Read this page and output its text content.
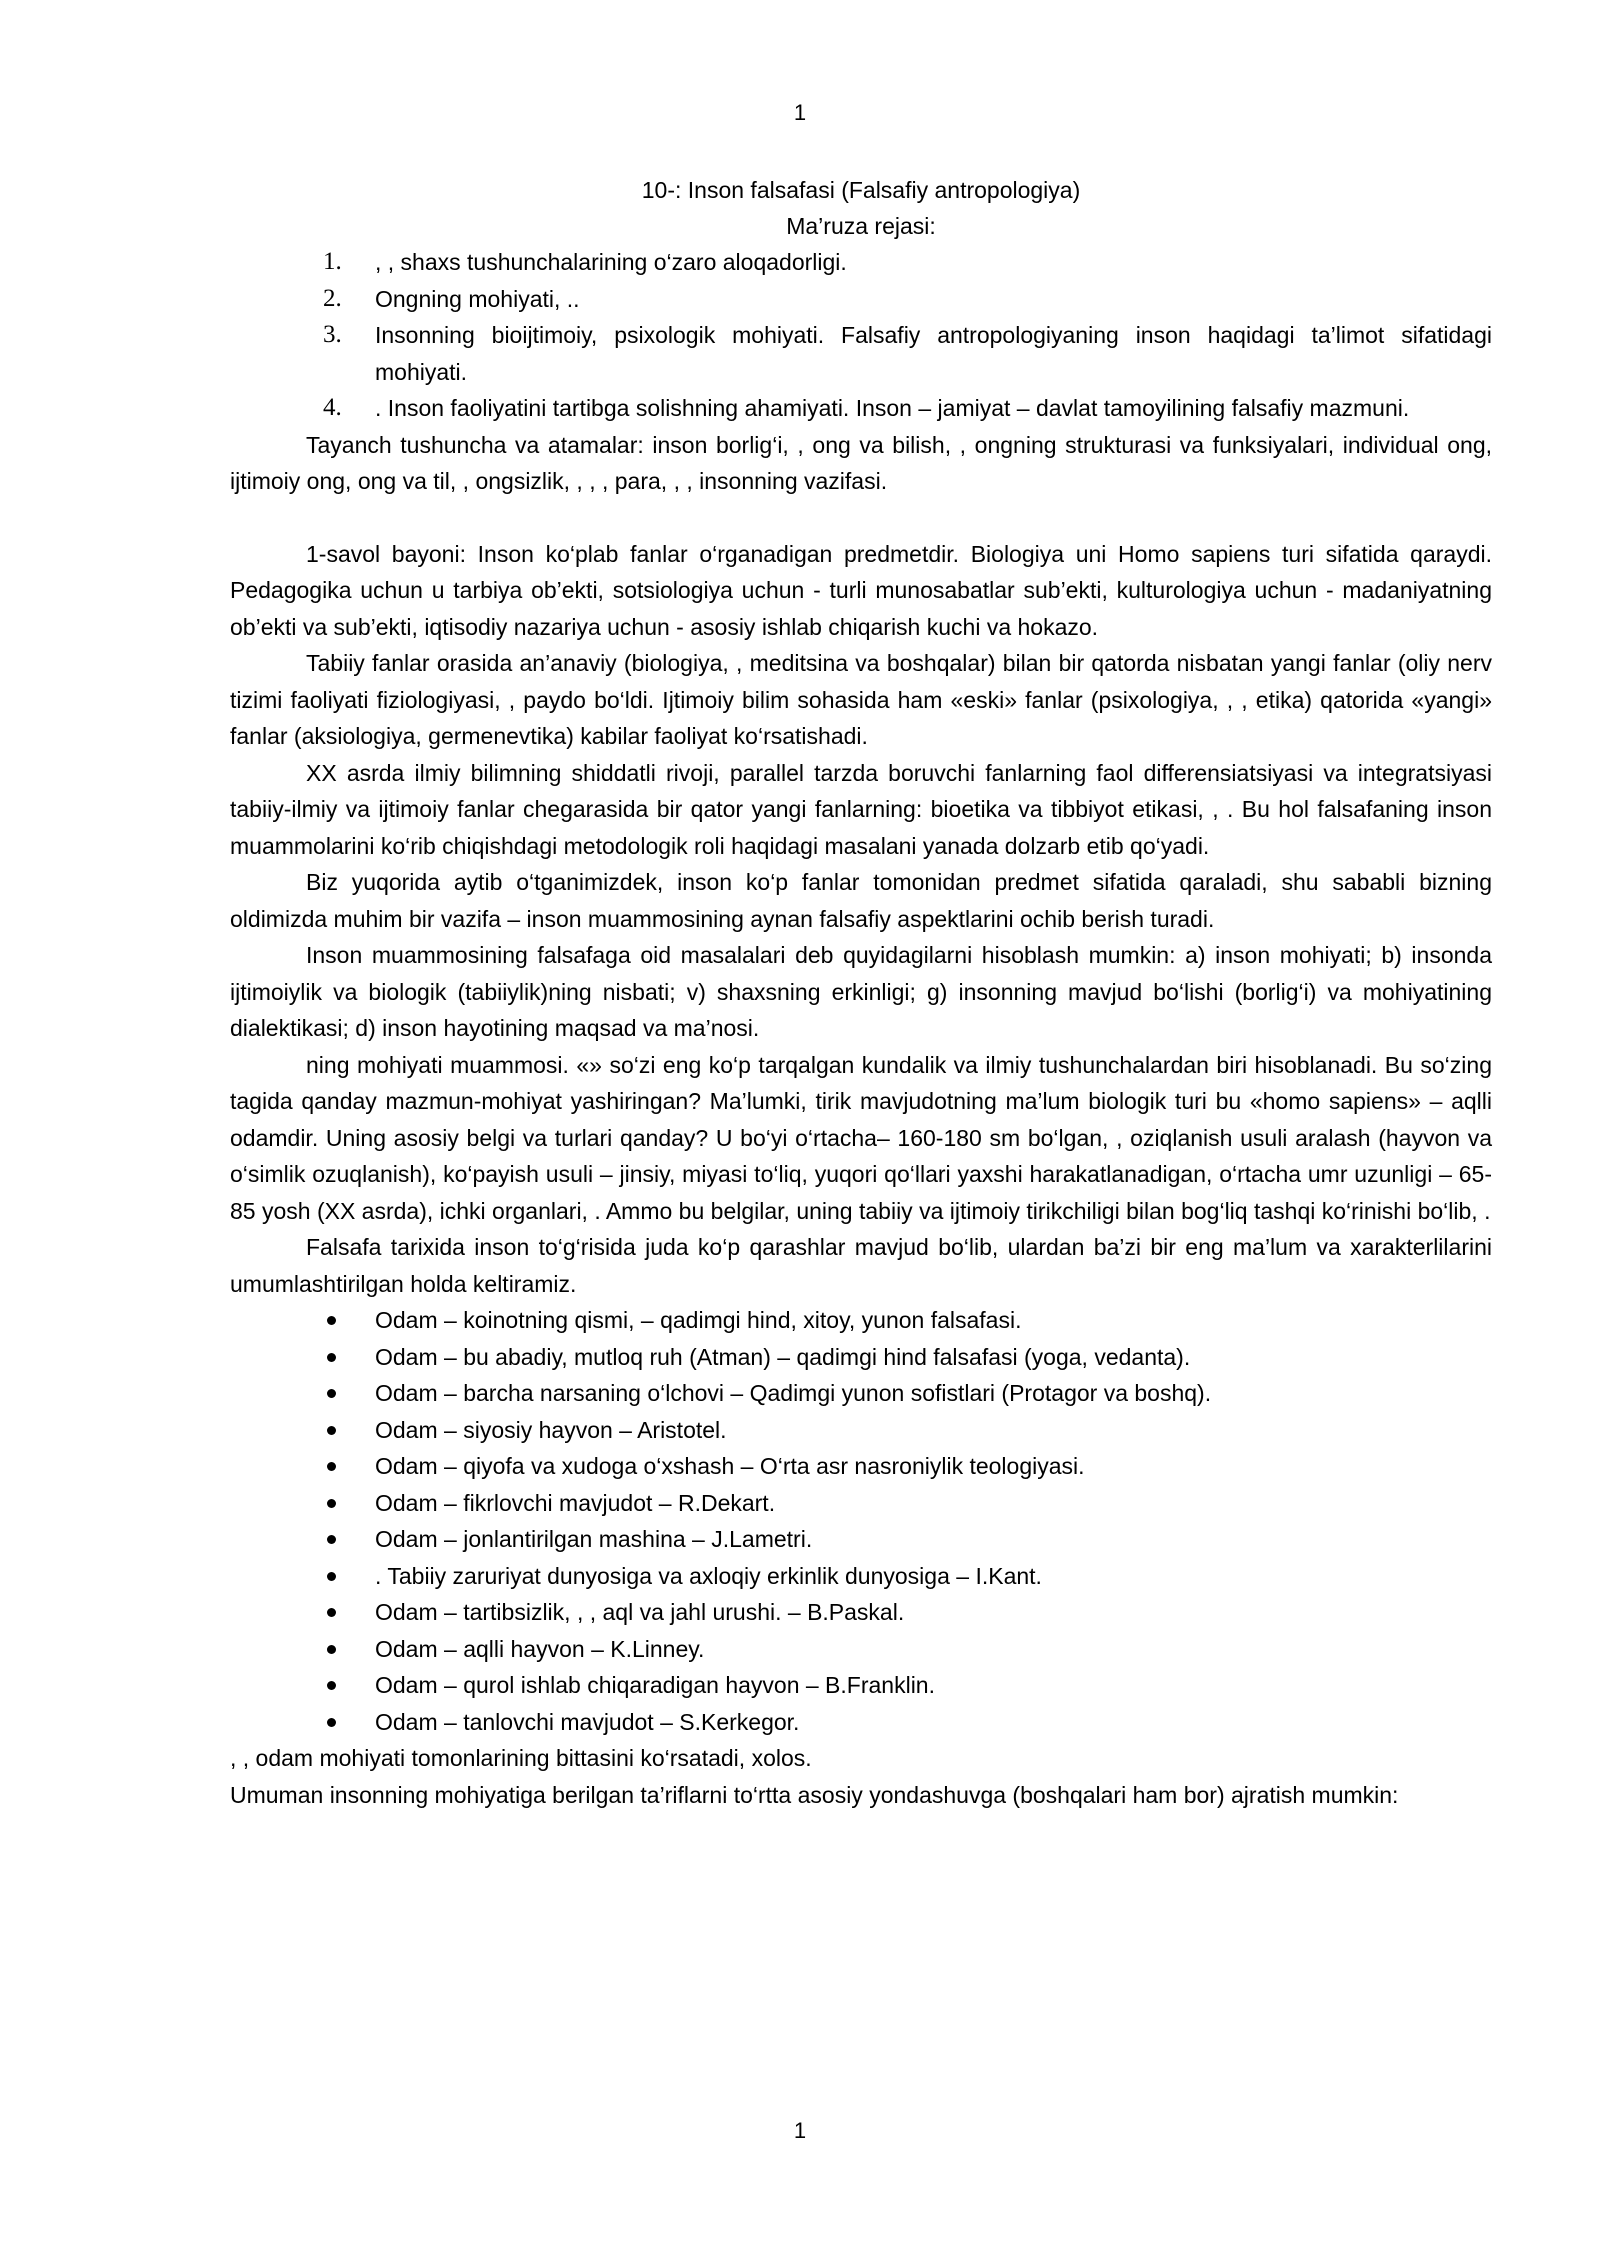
1
10-: Inson falsafasi (Falsafiy antropologiya)
Ma’ruza rejasi:
1. , , shaxs tushunchalarining o‘zaro aloqadorligi.
2. Ongning mohiyati, ..
3. Insonning bioijtimoiy, psixologik mohiyati. Falsafiy antropologiyaning inson haqidagi ta’limot sifatidagi mohiyati.
4. . Inson faoliyatini tartibga solishning ahamiyati. Inson – jamiyat – davlat tamoyilining falsafiy mazmuni.

Tayanch tushuncha va atamalar: inson borlig‘i, , ong va bilish, , ongning strukturasi va funksiyalari, individual ong, ijtimoiy ong, ong va til, , ongsizlik, , , , para, , , insonning vazifasi.

1-savol bayoni: Inson ko‘plab fanlar o‘rganadigan predmetdir. Biologiya uni Homo sapiens turi sifatida qaraydi. Pedagogika uchun u tarbiya ob’ekti, sotsiologiya uchun - turli munosabatlar sub’ekti, kulturologiya uchun - madaniyatning ob’ekti va sub’ekti, iqtisodiy nazariya uchun - asosiy ishlab chiqarish kuchi va hokazo.

Tabiiy fanlar orasida an’anaviy (biologiya, , meditsina va boshqalar) bilan bir qatorda nisbatan yangi fanlar (oliy nerv tizimi faoliyati fiziologiyasi, , paydo bo‘ldi. Ijtimoiy bilim sohasida ham «eski» fanlar (psixologiya, , , etika) qatorida «yangi» fanlar (aksiologiya, germenevtika) kabilar faoliyat ko‘rsatishadi.

XX asrda ilmiy bilimning shiddatli rivoji, parallel tarzda boruvchi fanlarning faol differensiatsiyasi va integratsiyasi tabiiy-ilmiy va ijtimoiy fanlar chegarasida bir qator yangi fanlarning: bioetika va tibbiyot etikasi, , . Bu hol falsafaning inson muammolarini ko‘rib chiqishdagi metodologik roli haqidagi masalani yanada dolzarb etib qo‘yadi.

Biz yuqorida aytib o‘tganimizdek, inson ko‘p fanlar tomonidan predmet sifatida qaraladi, shu sababli bizning oldimizda muhim bir vazifa – inson muammosining aynan falsafiy aspektlarini ochib berish turadi.

Inson muammosining falsafaga oid masalalari deb quyidagilarni hisoblash mumkin: a) inson mohiyati; b) insonda ijtimoiylik va biologik (tabiiylik)ning nisbati; v) shaxsning erkinligi; g) insonning mavjud bo‘lishi (borlig‘i) va mohiyatining dialektikasi; d) inson hayotining maqsad va ma’nosi.

ning mohiyati muammosi. «» so‘zi eng ko‘p tarqalgan kundalik va ilmiy tushunchalardan biri hisoblanadi. Bu so‘zing tagida qanday mazmun-mohiyat yashiringan? Ma’lumki, tirik mavjudotning ma’lum biologik turi bu «homo sapiens» – aqlli odamdir. Uning asosiy belgi va turlari qanday? U bo‘yi o‘rtacha– 160-180 sm bo‘lgan, , oziqlanish usuli aralash (hayvon va o‘simlik ozuqlanish), ko‘payish usuli – jinsiy, miyasi to‘liq, yuqori qo‘llari yaxshi harakatlanadigan, o‘rtacha umr uzunligi – 65-85 yosh (XX asrda), ichki organlari, . Ammo bu belgilar, uning tabiiy va ijtimoiy tirikchiligi bilan bog‘liq tashqi ko‘rinishi bo‘lib, .

Falsafa tarixida inson to‘g‘risida juda ko‘p qarashlar mavjud bo‘lib, ulardan ba’zi bir eng ma’lum va xarakterlilarini umumlashtirilgan holda keltiramiz.

Odam – koinotning qismi, – qadimgi hind, xitoy, yunon falsafasi.
Odam – bu abadiy, mutloq ruh (Atman) – qadimgi hind falsafasi (yoga, vedanta).
Odam – barcha narsaning o‘lchovi – Qadimgi yunon sofistlari (Protagor va boshq).
Odam – siyosiy hayvon – Aristotel.
Odam – qiyofa va xudoga o‘xshash – O‘rta asr nasroniylik teologiyasi.
Odam – fikrlovchi mavjudot – R.Dekart.
Odam – jonlantirilgan mashina – J.Lametri.
. Tabiiy zaruriyat dunyosiga va axloqiy erkinlik dunyosiga – I.Kant.
Odam – tartibsizlik, , , aql va jahl urushi. – B.Paskal.
Odam – aqlli hayvon – K.Linney.
Odam – qurol ishlab chiqaradigan hayvon – B.Franklin.
Odam – tanlovchi mavjudot – S.Kerkegor.

, , odam mohiyati tomonlarining bittasini ko‘rsatadi, xolos.

Umuman insonning mohiyatiga berilgan ta’riflarni to‘rtta asosiy yondashuvga (boshqalari ham bor) ajratish mumkin:

1
